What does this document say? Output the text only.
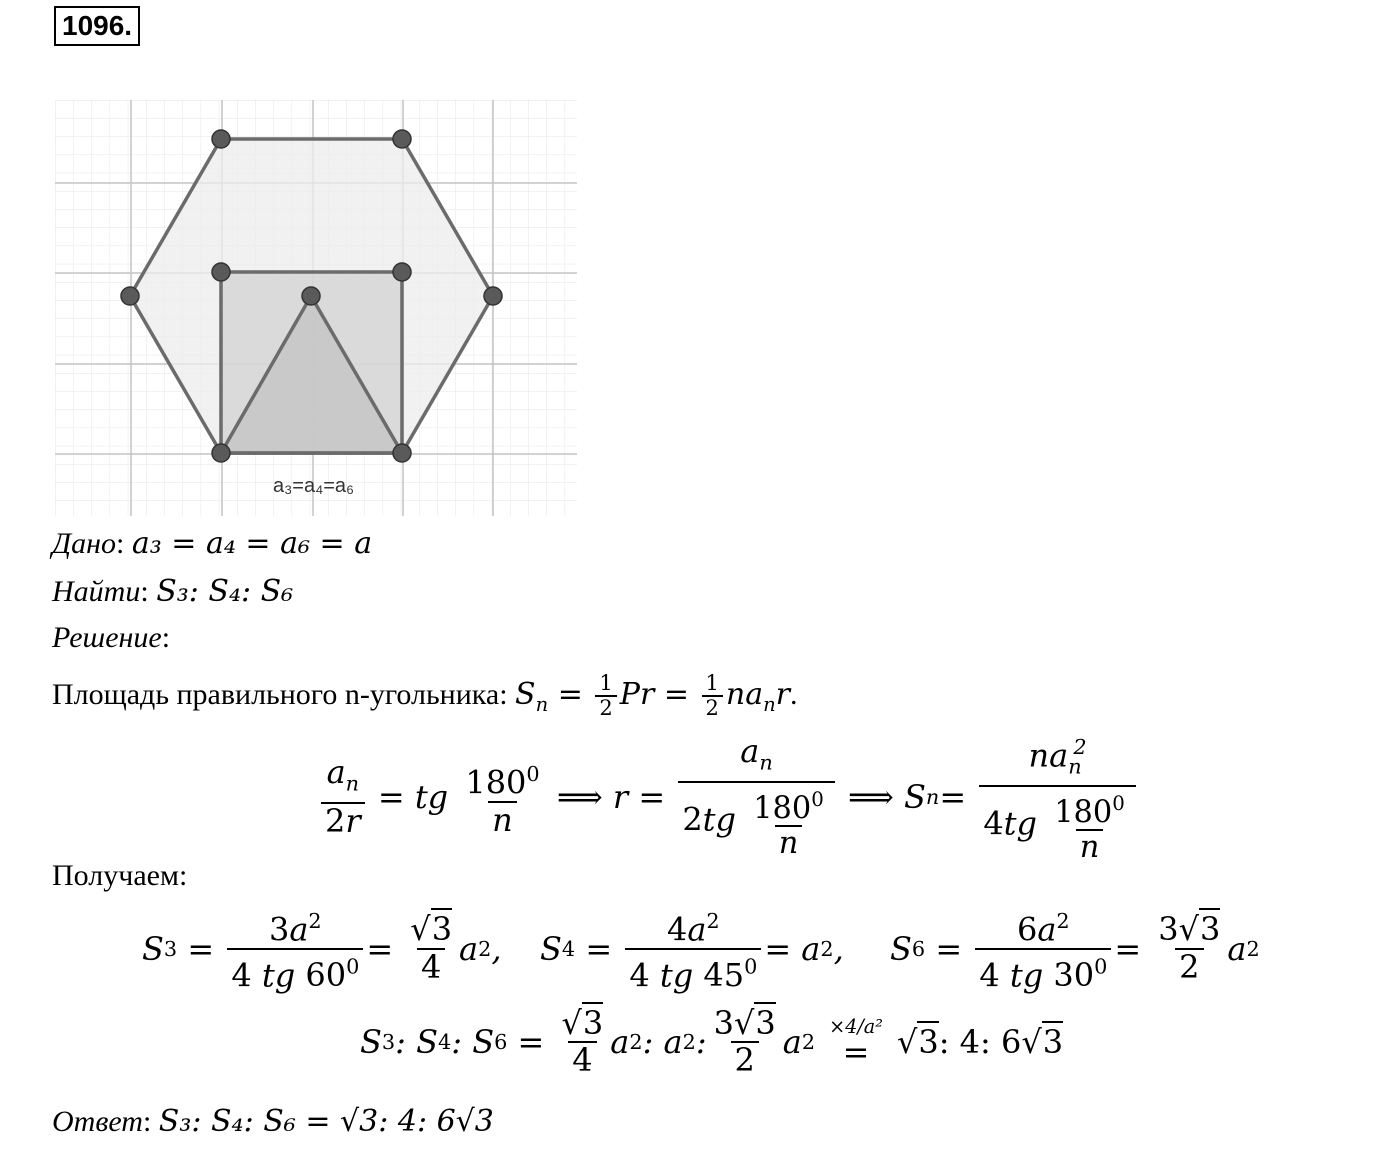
1096.
a₃=a₄=a₆
Дано: a₃ = a₄ = a₆ = a
Найти: S₃: S₄: S₆
Решение:
Площадь правильного n-угольника: $S_n = \frac{1}{2}$ $Pr = \frac{1}{2} na_nr$.
$\frac{a_n}{2r}$ = tg $\frac{180^0}{n}$ ⟹ $r = \frac{a_n}{2tg \frac{180^0}{n}}$ ⟹ S $n = \frac{na_n^2}{4tg \frac{180^0}{n}}$
Получаем:
S $3 = \frac{3a^2}{4 tg 60^0} = \frac{√3}{4}$ a 2 , S $4 = \frac{4a^2}{4 tg 45^0} = a$ 2 , S $6 = \frac{6a^2}{4 tg 30^0} = \frac{3√3}{2}$ a 2
S 3 : S 4 : S $6 = \frac{√3}{4}$ a 2 : a 2 : $\frac{3√3}{2}$ a 2
×4/a²
= √3: 4: 6√3
Ответ: S₃: S₄: S₆ = √3: 4: 6√3
